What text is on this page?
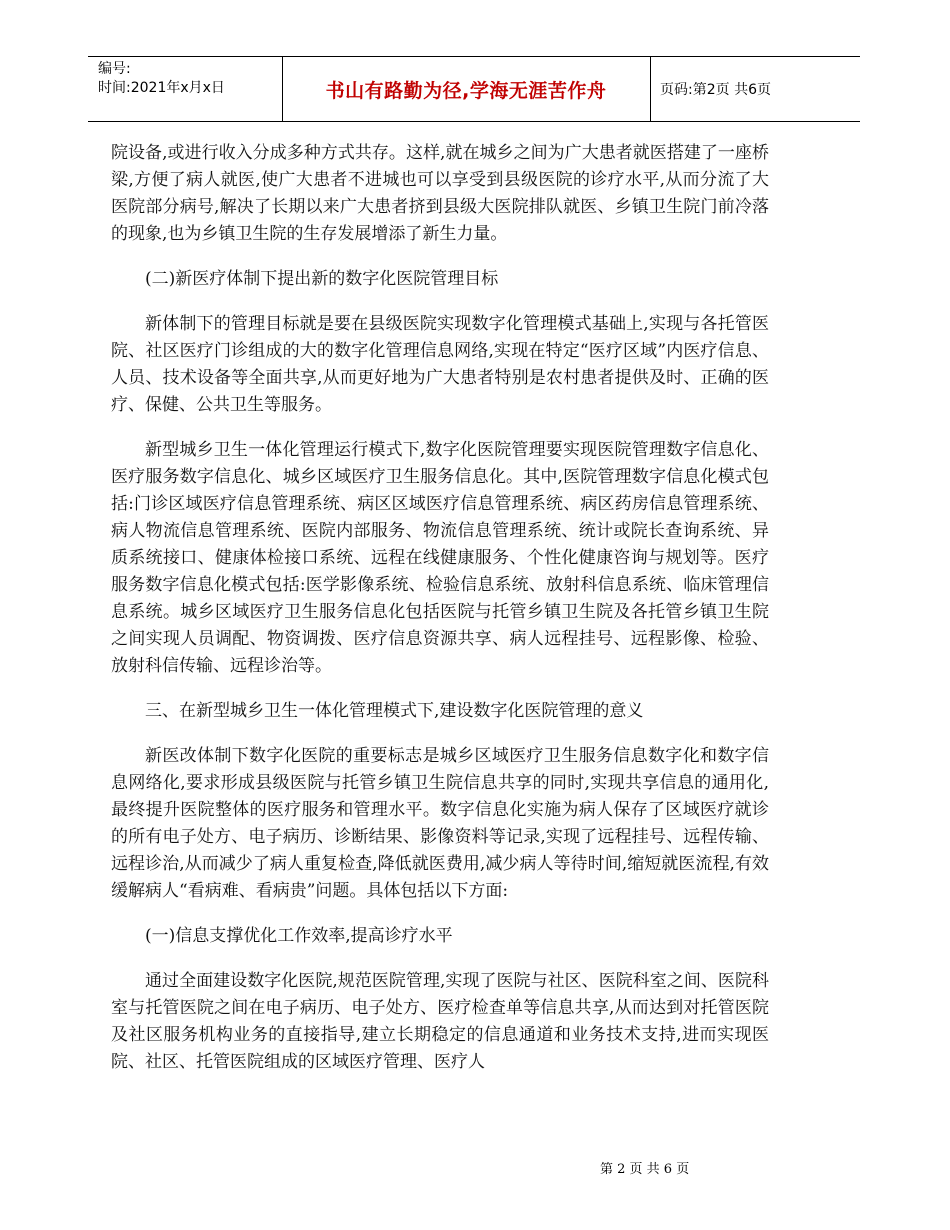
编号:
时间:2021年x月x日	书山有路勤为径,学海无涯苦作舟	页码:第2页 共6页

院设备,或进行收入分成多种方式共存。这样,就在城乡之间为广大患者就医搭建了一座桥梁,方便了病人就医,使广大患者不进城也可以享受到县级医院的诊疗水平,从而分流了大医院部分病号,解决了长期以来广大患者挤到县级大医院排队就医、乡镇卫生院门前冷落的现象,也为乡镇卫生院的生存发展增添了新生力量。

(二)新医疗体制下提出新的数字化医院管理目标

新体制下的管理目标就是要在县级医院实现数字化管理模式基础上,实现与各托管医院、社区医疗门诊组成的大的数字化管理信息网络,实现在特定“医疗区域”内医疗信息、人员、技术设备等全面共享,从而更好地为广大患者特别是农村患者提供及时、正确的医疗、保健、公共卫生等服务。

新型城乡卫生一体化管理运行模式下,数字化医院管理要实现医院管理数字信息化、医疗服务数字信息化、城乡区域医疗卫生服务信息化。其中,医院管理数字信息化模式包括:门诊区域医疗信息管理系统、病区区域医疗信息管理系统、病区药房信息管理系统、病人物流信息管理系统、医院内部服务、物流信息管理系统、统计或院长查询系统、异质系统接口、健康体检接口系统、远程在线健康服务、个性化健康咨询与规划等。医疗服务数字信息化模式包括:医学影像系统、检验信息系统、放射科信息系统、临床管理信息系统。城乡区域医疗卫生服务信息化包括医院与托管乡镇卫生院及各托管乡镇卫生院之间实现人员调配、物资调拨、医疗信息资源共享、病人远程挂号、远程影像、检验、放射科信传输、远程诊治等。

三、在新型城乡卫生一体化管理模式下,建设数字化医院管理的意义

新医改体制下数字化医院的重要标志是城乡区域医疗卫生服务信息数字化和数字信息网络化,要求形成县级医院与托管乡镇卫生院信息共享的同时,实现共享信息的通用化,最终提升医院整体的医疗服务和管理水平。数字信息化实施为病人保存了区域医疗就诊的所有电子处方、电子病历、诊断结果、影像资料等记录,实现了远程挂号、远程传输、远程诊治,从而减少了病人重复检查,降低就医费用,减少病人等待时间,缩短就医流程,有效缓解病人“看病难、看病贵”问题。具体包括以下方面:

(一)信息支撑优化工作效率,提高诊疗水平

通过全面建设数字化医院,规范医院管理,实现了医院与社区、医院科室之间、医院科室与托管医院之间在电子病历、电子处方、医疗检查单等信息共享,从而达到对托管医院及社区服务机构业务的直接指导,建立长期稳定的信息通道和业务技术支持,进而实现医院、社区、托管医院组成的区域医疗管理、医疗人

第 2 页 共 6 页
